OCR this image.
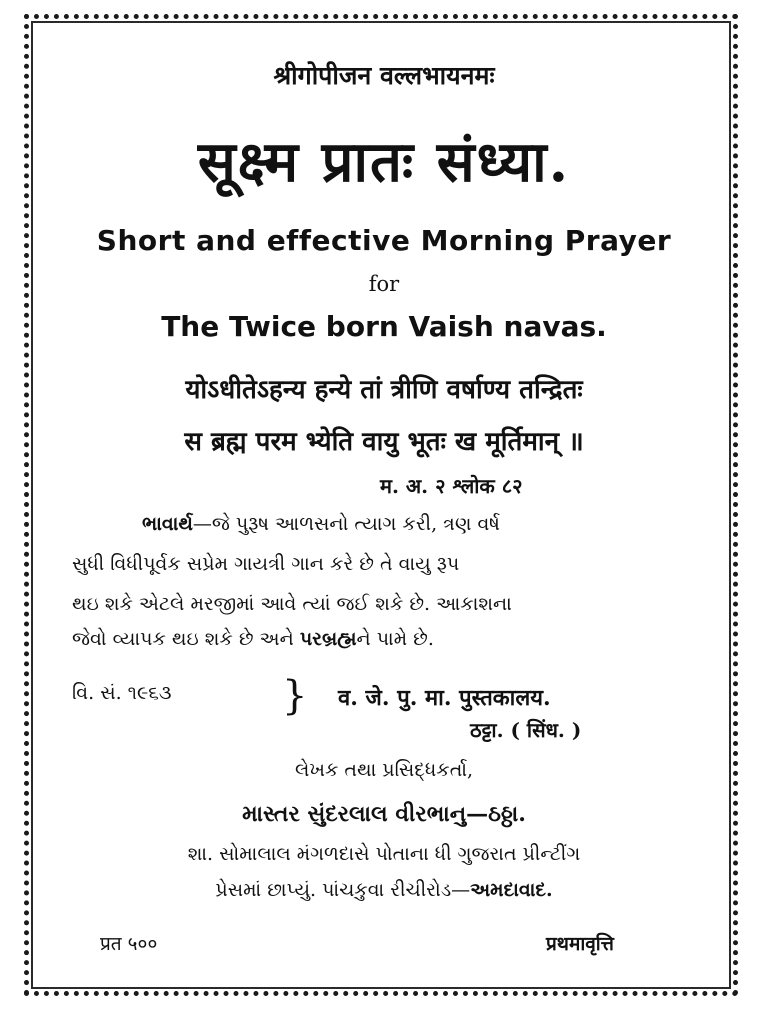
श्रीगोपीजन वल्लभायनमः
सूक्ष्म प्रातः संध्या.
Short and effective Morning Prayer
for
The Twice born Vaish navas.
योऽधीतेऽहन्य हन्ये तां त्रीणि वर्षाण्य तन्द्रितः
स ब्रह्म परम भ्येति वायु भूतः ख मूर्तिमान् ॥
म. अ. २ श्लोक ८२
ભાવાર્થ—જે પુરૂષ આળસનો ત્યાગ કરી, ત્રણ વર્ષ
સુધી વિધીપૂર્વક સપ્રેમ ગાયત્રી ગાન કરે છે તે વાયુ રૂપ
થઇ શકે એટલે મરજીમાં આવે ત્યાં જઈ શકે છે. આકાશના
જેવો વ્યાપક થઇ શકે છે અને પરબ્રહ્મને પામે છે.
વિ. સં. ૧૯૬૩	} व. जे. पु. मा. पुस्तकालय.
ठट्टा. ( सिंध. )
લેખક તથા પ્રસિદ્ધકર્તા,
માસ્તર સુંદરલાલ વીરભાનુ—ઠઠ્ઠા.
શા. સોમાલાલ મંગળદાસે પોતાના ધી ગુજરાત પ્રીન્ટીંગ
પ્રેસમાં છાપ્યું. પાંચકુવા રીચીરોડ—અમદાવાદ.
प्रत ५००	प्रथमावृत्ति
